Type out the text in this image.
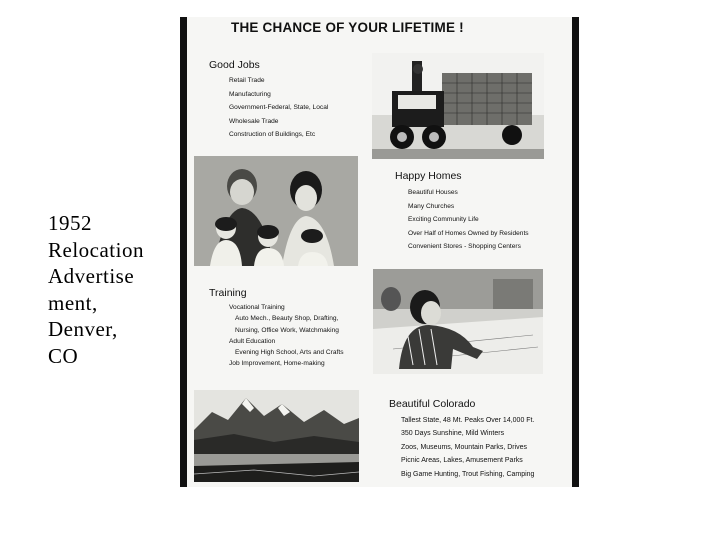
1952
Relocation
Advertise
ment,
Denver,
CO
THE CHANCE OF YOUR LIFETIME !
Good Jobs
Retail Trade
Manufacturing
Government-Federal, State, Local
Wholesale Trade
Construction of Buildings, Etc
Happy Homes
Beautiful Houses
Many Churches
Exciting Community Life
Over Half of Homes Owned by Residents
Convenient Stores - Shopping Centers
Training
Vocational Training
Auto Mech., Beauty Shop, Drafting,
Nursing, Office Work, Watchmaking
Adult Education
Evening High School, Arts and Crafts
Job Improvement, Home-making
Beautiful Colorado
Tallest State, 48 Mt. Peaks Over 14,000 Ft.
350 Days Sunshine, Mild Winters
Zoos, Museums, Mountain Parks, Drives
Picnic Areas, Lakes, Amusement Parks
Big Game Hunting, Trout Fishing, Camping
